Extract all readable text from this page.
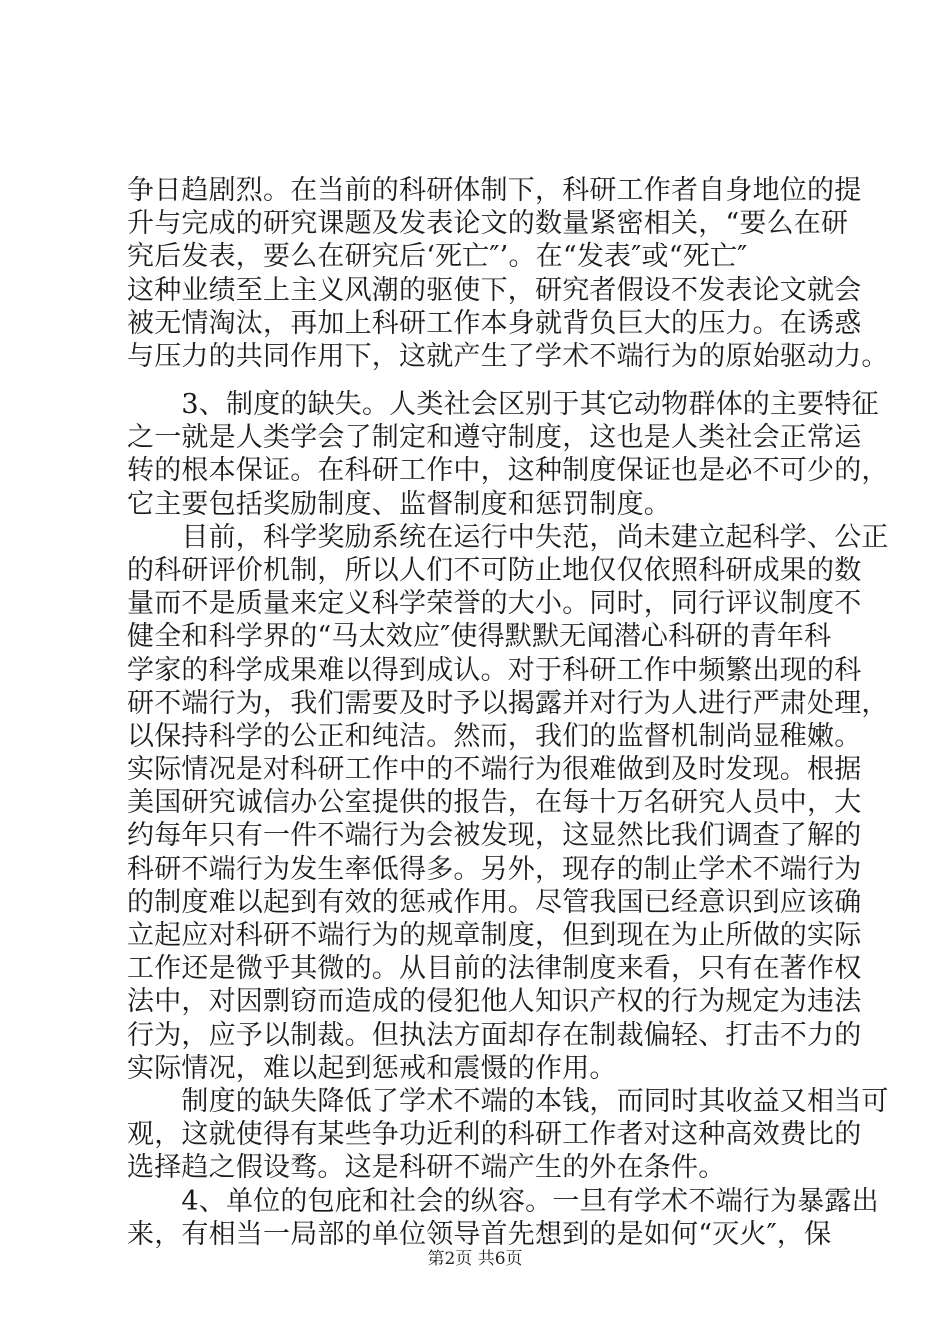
争日趋剧烈。在当前的科研体制下，科研工作者自身地位的提
升与完成的研究课题及发表论文的数量紧密相关，“要么在研
究后发表，要么在研究后‘死亡″’。在“发表″或“死亡″
这种业绩至上主义风潮的驱使下，研究者假设不发表论文就会
被无情淘汰，再加上科研工作本身就背负巨大的压力。在诱惑
与压力的共同作用下，这就产生了学术不端行为的原始驱动力。
　　3、制度的缺失。人类社会区别于其它动物群体的主要特征
之一就是人类学会了制定和遵守制度，这也是人类社会正常运
转的根本保证。在科研工作中，这种制度保证也是必不可少的，
它主要包括奖励制度、监督制度和惩罚制度。
　　目前，科学奖励系统在运行中失范，尚未建立起科学、公正
的科研评价机制，所以人们不可防止地仅仅依照科研成果的数
量而不是质量来定义科学荣誉的大小。同时，同行评议制度不
健全和科学界的“马太效应″使得默默无闻潜心科研的青年科
学家的科学成果难以得到成认。对于科研工作中频繁出现的科
研不端行为，我们需要及时予以揭露并对行为人进行严肃处理，
以保持科学的公正和纯洁。然而，我们的监督机制尚显稚嫩。
实际情况是对科研工作中的不端行为很难做到及时发现。根据
美国研究诚信办公室提供的报告，在每十万名研究人员中，大
约每年只有一件不端行为会被发现，这显然比我们调查了解的
科研不端行为发生率低得多。另外，现存的制止学术不端行为
的制度难以起到有效的惩戒作用。尽管我国已经意识到应该确
立起应对科研不端行为的规章制度，但到现在为止所做的实际
工作还是微乎其微的。从目前的法律制度来看，只有在著作权
法中，对因剽窃而造成的侵犯他人知识产权的行为规定为违法
行为，应予以制裁。但执法方面却存在制裁偏轻、打击不力的
实际情况，难以起到惩戒和震慑的作用。
　　制度的缺失降低了学术不端的本钱，而同时其收益又相当可
观，这就使得有某些争功近利的科研工作者对这种高效费比的
选择趋之假设骛。这是科研不端产生的外在条件。
　　4、单位的包庇和社会的纵容。一旦有学术不端行为暴露出
来，有相当一局部的单位领导首先想到的是如何“灭火″，保
第2页 共6页
